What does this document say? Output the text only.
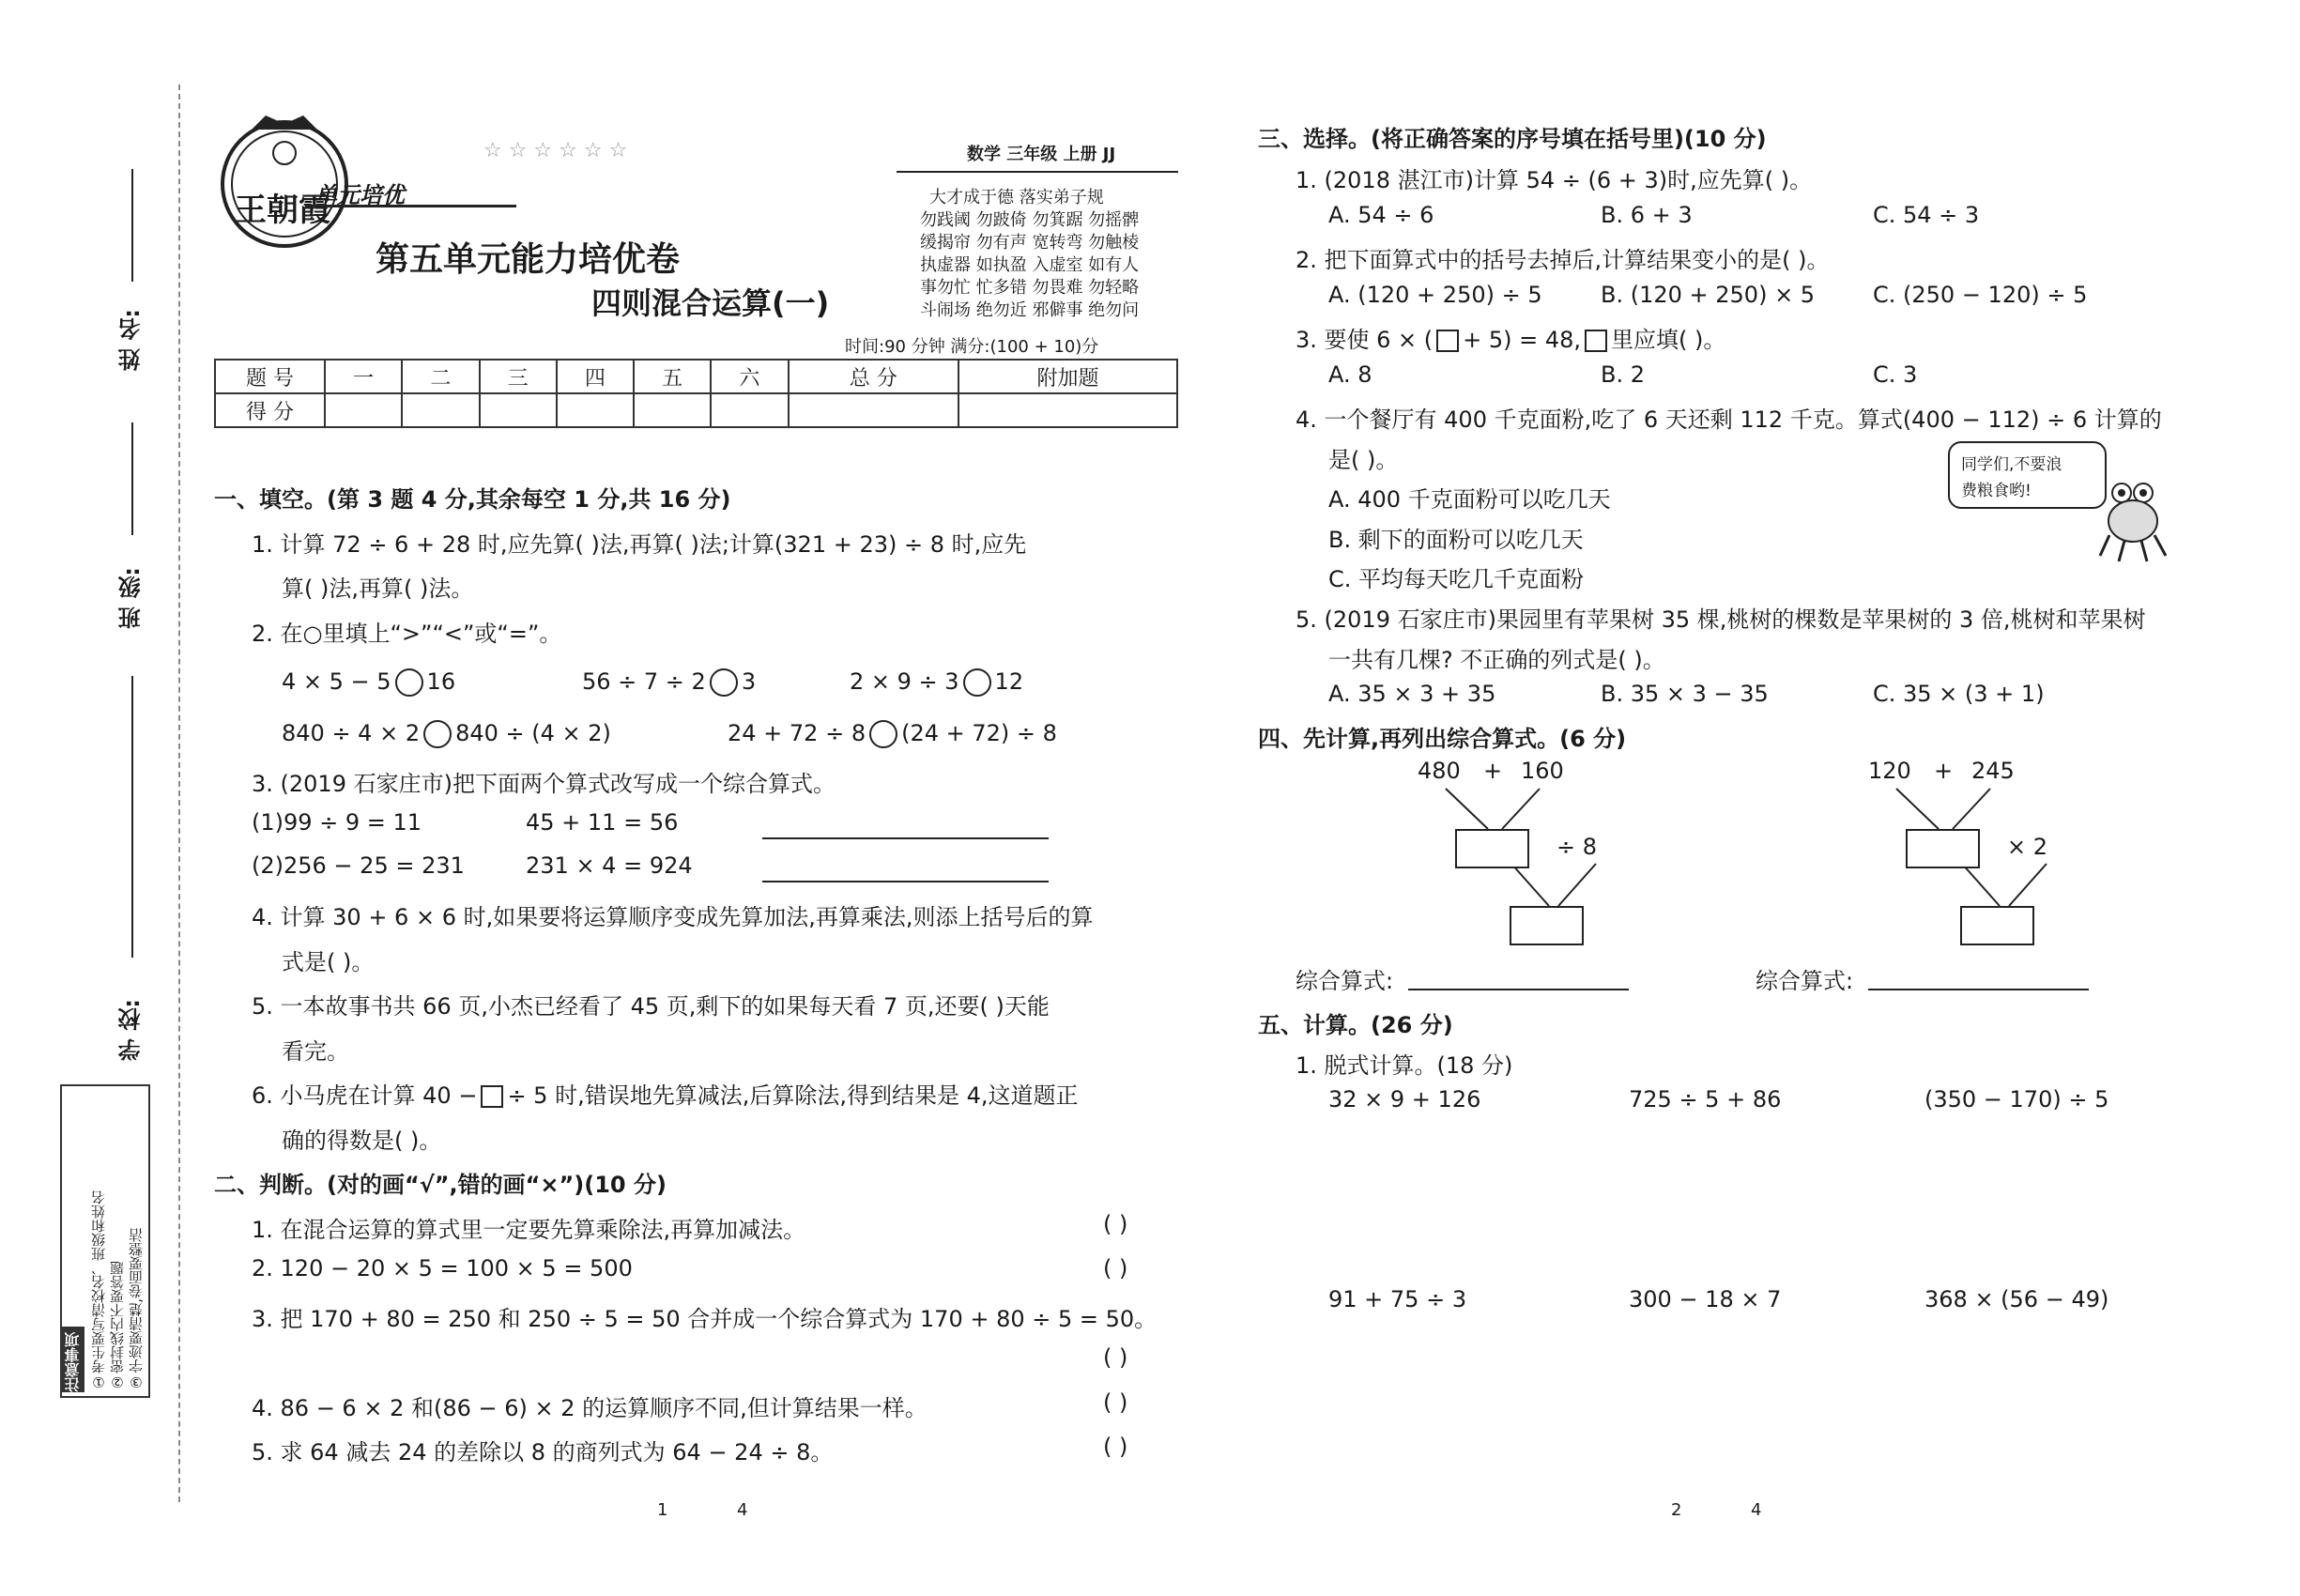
姓 名:
班 级:
学 校:
注意事项 ①考生要写清校名、班级和姓名 ②密封线内不要答题 ③字迹要清楚,卷面要整洁
王朝霞
单元培优
☆ ☆ ☆ ☆ ☆ ☆	数学 三年级 上册 JJ
大才成于德 落实弟子规
勿践阈 勿跛倚 勿箕踞 勿摇髀
缓揭帘 勿有声 宽转弯 勿触棱
执虚器 如执盈 入虚室 如有人
事勿忙 忙多错 勿畏难 勿轻略
斗闹场 绝勿近 邪僻事 绝勿问
第五单元能力培优卷
四则混合运算(一)
时间:90 分钟 满分:(100 + 10)分
题 号	一	二	三	四	五	六	总 分	附加题
得 分								
一、填空。(第 3 题 4 分,其余每空 1 分,共 16 分)
1. 计算 72 ÷ 6 + 28 时,应先算( )法,再算( )法;计算(321 + 23) ÷ 8 时,应先
算( )法,再算( )法。
2. 在○里填上“>”“<”或“=”。
4 × 5 − 5 16	56 ÷ 7 ÷ 2 3	2 × 9 ÷ 3 12
840 ÷ 4 × 2 840 ÷ (4 × 2)	24 + 72 ÷ 8 (24 + 72) ÷ 8
3. (2019 石家庄市)把下面两个算式改写成一个综合算式。
(1)99 ÷ 9 = 11	45 + 11 = 56
(2)256 − 25 = 231	231 × 4 = 924
4. 计算 30 + 6 × 6 时,如果要将运算顺序变成先算加法,再算乘法,则添上括号后的算
式是( )。
5. 一本故事书共 66 页,小杰已经看了 45 页,剩下的如果每天看 7 页,还要( )天能
看完。
6. 小马虎在计算 40 − ÷ 5 时,错误地先算减法,后算除法,得到结果是 4,这道题正
确的得数是( )。
二、判断。(对的画“√”,错的画“×”)(10 分)
1. 在混合运算的算式里一定要先算乘除法,再算加减法。	( )
2. 120 − 20 × 5 = 100 × 5 = 500	( )
3. 把 170 + 80 = 250 和 250 ÷ 5 = 50 合并成一个综合算式为 170 + 80 ÷ 5 = 50。
( )
4. 86 − 6 × 2 和(86 − 6) × 2 的运算顺序不同,但计算结果一样。	( )
5. 求 64 减去 24 的差除以 8 的商列式为 64 − 24 ÷ 8。	( )
1	4
三、选择。(将正确答案的序号填在括号里)(10 分)
1. (2018 湛江市)计算 54 ÷ (6 + 3)时,应先算( )。
A. 54 ÷ 6	B. 6 + 3	C. 54 ÷ 3
2. 把下面算式中的括号去掉后,计算结果变小的是( )。
A. (120 + 250) ÷ 5	B. (120 + 250) × 5	C. (250 − 120) ÷ 5
3. 要使 6 × ( + 5) = 48, 里应填( )。
A. 8	B. 2	C. 3
4. 一个餐厅有 400 千克面粉,吃了 6 天还剩 112 千克。算式(400 − 112) ÷ 6 计算的
是( )。
A. 400 千克面粉可以吃几天
B. 剩下的面粉可以吃几天
C. 平均每天吃几千克面粉
同学们,不要浪
费粮食哟!
5. (2019 石家庄市)果园里有苹果树 35 棵,桃树的棵数是苹果树的 3 倍,桃树和苹果树
一共有几棵? 不正确的列式是( )。
A. 35 × 3 + 35	B. 35 × 3 − 35	C. 35 × (3 + 1)
四、先计算,再列出综合算式。(6 分)
480 + 160
÷ 8
120 + 245
× 2
综合算式:	综合算式:
五、计算。(26 分)
1. 脱式计算。(18 分)
32 × 9 + 126	725 ÷ 5 + 86	(350 − 170) ÷ 5
91 + 75 ÷ 3	300 − 18 × 7	368 × (56 − 49)
2	4
